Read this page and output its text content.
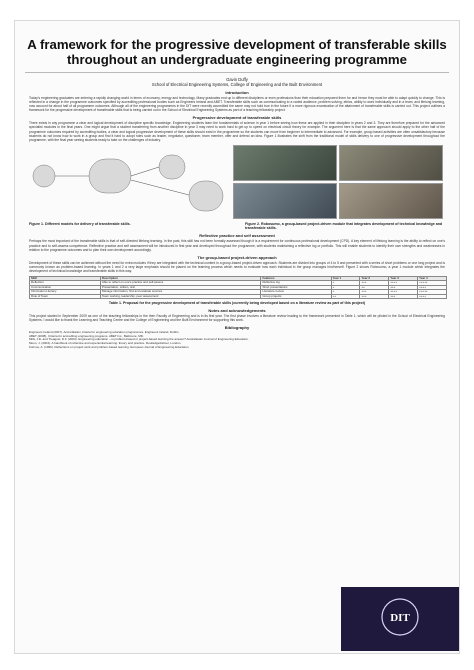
A framework for the progressive development of transferable skills throughout an undergraduate engineering programme
Gavin Duffy
School of Electrical Engineering Systems, College of Engineering and the Built Environment
Introduction
Today’s engineering graduates are entering a rapidly changing world in terms of economy, energy and technology. Many graduates end up in different disciplines or even professions than their education prepared them for and hence they must be able to adapt quickly to change. This is reflected in a change in the programme outcomes specified by accrediting professional bodies such as Engineers Ireland and ABET. Transferable skills such as communicating to a varied audience, problem solving, ethics, ability to work individually and in a team, and lifelong learning, now account for about half of all programme outcomes. Although all of the engineering programmes in the DIT were recently accredited the same may not hold true in the future if a more rigorous examination of the attainment of transferable skills is carried out. This project outlines a framework for the progressive development of transferable skills that is being carried out in the School of Electrical Engineering Systems as part of a teaching fellowship project.
Progressive development of transferable skills
There exists in any programme a clear and logical development of discipline specific knowledge. Engineering students learn the fundamentals of science in year 1 before seeing how these are applied in their discipline in years 2 and 3. They are therefore prepared for the advanced specialist modules in the final years. One might argue that a student transferring from another discipline in year 3 may need to work hard to get up to speed on electrical circuit theory for example. The argument here is that the same approach should apply to the other half of the programme outcomes required by accrediting bodies, a clear and logical progressive development of these skills should exist in the programme so the students can move from beginner to intermediate to advanced. For example, group based activities are often unsatisfactory because students do not know how to work in a group and find it hard to adopt roles such as leader, negotiator, questioner, team member, offer and defend an idea. Figure 1 illustrates the shift from the traditional model of skills delivery to one of progressive development throughout the programme, with the final year seeing students ready to take on the challenges of industry.
Figure 1. Different models for delivery of transferable skills.	Figure 2. Robosumo, a group-based project-driven module that integrates development of technical knowledge and transferable skills.
Reflective practice and self assessment
Perhaps the most important of the transferable skills is that of self-directed lifelong learning. In the past, this skill has not been formally assessed though it is a requirement for continuous professional development (CPD). A key element of lifelong learning is the ability to reflect on one’s practice and to self-assess competence. Reflective practice and self assessment will be introduced in first year and developed throughout the programme, with students maintaining a reflective log or portfolio. This will enable students to identify their own strengths and weaknesses in relation to the programme outcomes and to plan their own development accordingly.
The group-based project-driven approach
Development of these skills can be achieved without the need for extra modules if they are integrated with the technical content in a group-based project-driven approach. Students are divided into groups of 4 to 5 and presented with a series of short problems or one long project and is commonly known as problem-based learning. In years 1 and 2 a very large emphasis should be placed on the learning process which needs to evaluate how each individual in the group manages him/herself. Figure 2 shows Robosumo, a year 1 module which integrates the development of technical knowledge and transferable skills in this way.
Skill	Description	Features	Year 1	Year 2	Year 3	Year 4
Reflection	Able to reflect on one’s practice and self-assess	Reflective log	+	+++	++++	+++++
Communication	Presentation, written, oral	Short presentations	+	++	+++	++++
Information Literacy	Manage information, find and evaluate sources	Literature review	+	+++	++++	+++++
Role of Team	Team working, leadership, peer assessment	Group projects	++	+++	+++	++++
Table 1. Proposal for the progressive development of transferable skills (currently being developed based on a literature review as part of this project)
Notes and acknowledgements
This project started in September 2009 as one of the teaching fellowships in the then Faculty of Engineering and is in its first year. The first phase involves a literature review leading to the framework presented in Table 1, which will be piloted in the School of Electrical Engineering Systems. I would like to thank the Learning and Teaching Centre and the College of Engineering and the Built Environment for supporting this work.
Bibliography
Engineers Ireland (2007). Accreditation criteria for engineering education programmes. Engineers Ireland, Dublin.
ABET (2008). Criteria for accrediting engineering programs. ABET Inc., Baltimore, MD.
Mills, J.E. and Treagust, D.F. (2003). Engineering education – is problem-based or project-based learning the answer? Australasian Journal of Engineering Education.
Moon, J. (2004). A handbook of reflective and experiential learning: theory and practice. RoutledgeFalmer, London.
Kolmos, A. (1996). Reflections on project work and problem-based learning. European Journal of Engineering Education.
DIT
